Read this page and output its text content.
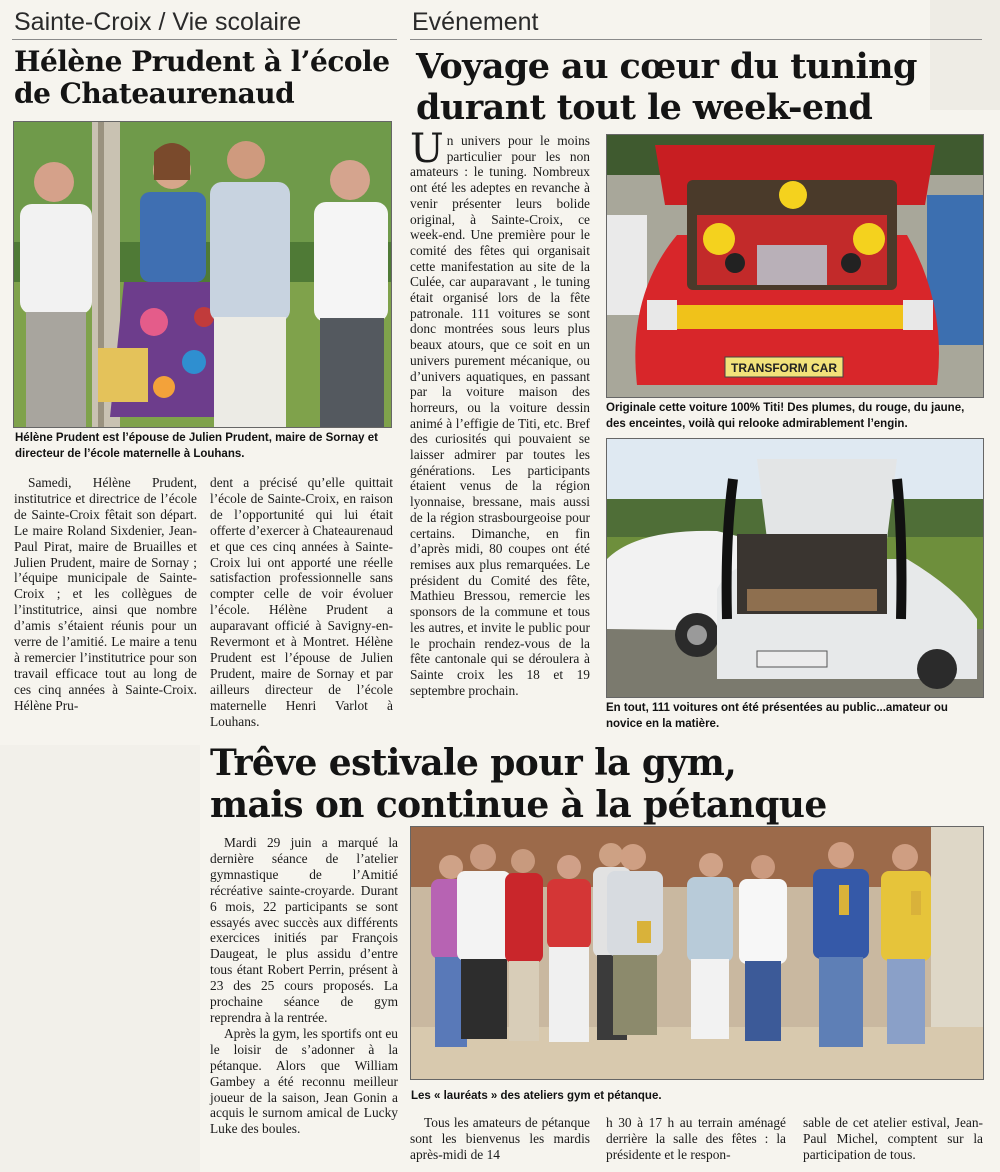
Sainte-Croix / Vie scolaire
Hélène Prudent à l’école
de Chateaurenaud
Hélène Prudent est l’épouse de Julien Prudent, maire de Sornay et directeur de l’école maternelle à Louhans.

Samedi, Hélène Prudent, institutrice et directrice de l’école de Sainte-Croix fêtait son départ. Le maire Roland Sixdenier, Jean-Paul Pirat, maire de Bruailles et Julien Prudent, maire de Sornay ; l’équipe municipale de Sainte-Croix ; et les collègues de l’institutrice, ainsi que nombre d’amis s’étaient réunis pour un verre de l’amitié. Le maire a tenu à remercier l’institutrice pour son travail efficace tout au long de ces cinq années à Sainte-Croix. Hélène Pru-

dent a précisé qu’elle quittait l’école de Sainte-Croix, en raison de l’opportunité qui lui était offerte d’exercer à Chateaurenaud et que ces cinq années à Sainte-Croix lui ont apporté une réelle satisfaction professionnelle sans compter celle de voir évoluer l’école. Hélène Prudent a auparavant officié à Savigny-en-Revermont et à Montret. Hélène Prudent est l’épouse de Julien Prudent, maire de Sornay et par ailleurs directeur de l’école maternelle Henri Varlot à Louhans.

Evénement
Voyage au cœur du tuning
durant tout le week-end
Un univers pour le moins particulier pour les non amateurs : le tuning. Nombreux ont été les adeptes en revanche à venir présenter leurs bolide original, à Sainte-Croix, ce week-end. Une première pour le comité des fêtes qui organisait cette manifestation au site de la Culée, car auparavant , le tuning était organisé lors de la fête patronale. 111 voitures se sont donc montrées sous leurs plus beaux atours, que ce soit en un univers purement mécanique, ou d’univers aquatiques, en passant par la voiture maison des horreurs, ou la voiture dessin animé à l’effigie de Titi, etc. Bref des curiosités qui pouvaient se laisser admirer par toutes les générations. Les participants étaient venus de la région lyonnaise, bressane, mais aussi de la région strasbourgeoise pour certains. Dimanche, en fin d’après midi, 80 coupes ont été remises aux plus remarquées. Le président du Comité des fête, Mathieu Bressou, remercie les sponsors de la commune et tous les autres, et invite le public pour le prochain rendez-vous de la fête cantonale qui se déroulera à Sainte croix les 18 et 19 septembre prochain.
TRANSFORM CAR
Originale cette voiture 100% Titi! Des plumes, du rouge, du jaune, des enceintes, voilà qui relooke admirablement l’engin.
En tout, 111 voitures ont été présentées au public...amateur ou novice en la matière.
Trêve estivale pour la gym,
mais on continue à la pétanque

Mardi 29 juin a marqué la dernière séance de l’atelier gymnastique de l’Amitié récréative sainte-croyarde. Durant 6 mois, 22 participants se sont essayés avec succès aux différents exercices initiés par François Daugeat, le plus assidu d’entre tous étant Robert Perrin, présent à 23 des 25 cours proposés. La prochaine séance de gym reprendra à la rentrée.

Après la gym, les sportifs ont eu le loisir de s’adonner à la pétanque. Alors que William Gambey a été reconnu meilleur joueur de la saison, Jean Gonin a acquis le surnom amical de Lucky Luke des boules.

Les « lauréats » des ateliers gym et pétanque.

Tous les amateurs de pétanque sont les bienvenus les mardis après-midi de 14

h 30 à 17 h au terrain aménagé derrière la salle des fêtes : la présidente et le respon-

sable de cet atelier estival, Jean-Paul Michel, comptent sur la participation de tous.
